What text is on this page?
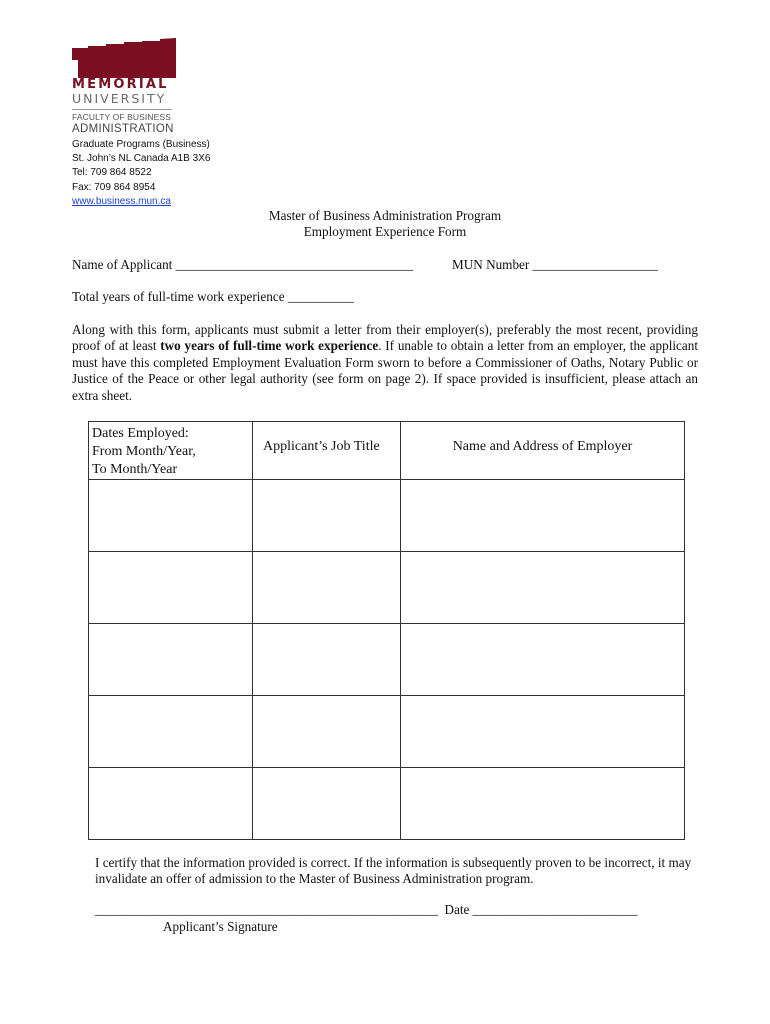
MEMORIAL
UNIVERSITY
FACULTY OF BUSINESS
ADMINISTRATION
Graduate Programs (Business)
St. John’s NL Canada A1B 3X6
Tel: 709 864 8522
Fax: 709 864 8954
www.business.mun.ca
Master of Business Administration Program
Employment Experience Form
Name of Applicant ____________________________________	MUN Number ___________________
Total years of full-time work experience __________
Along with this form, applicants must submit a letter from their employer(s), preferably the most recent, providing proof of at least two years of full-time work experience. If unable to obtain a letter from an employer, the applicant must have this completed Employment Evaluation Form sworn to before a Commissioner of Oaths, Notary Public or Justice of the Peace or other legal authority (see form on page 2). If space provided is insufficient, please attach an extra sheet.
Dates Employed:
From Month/Year,
To Month/Year	Applicant’s Job Title	Name and Address of Employer

I certify that the information provided is correct. If the information is subsequently proven to be incorrect, it may invalidate an offer of admission to the Master of Business Administration program.
____________________________________________________ Date _________________________
Applicant’s Signature
